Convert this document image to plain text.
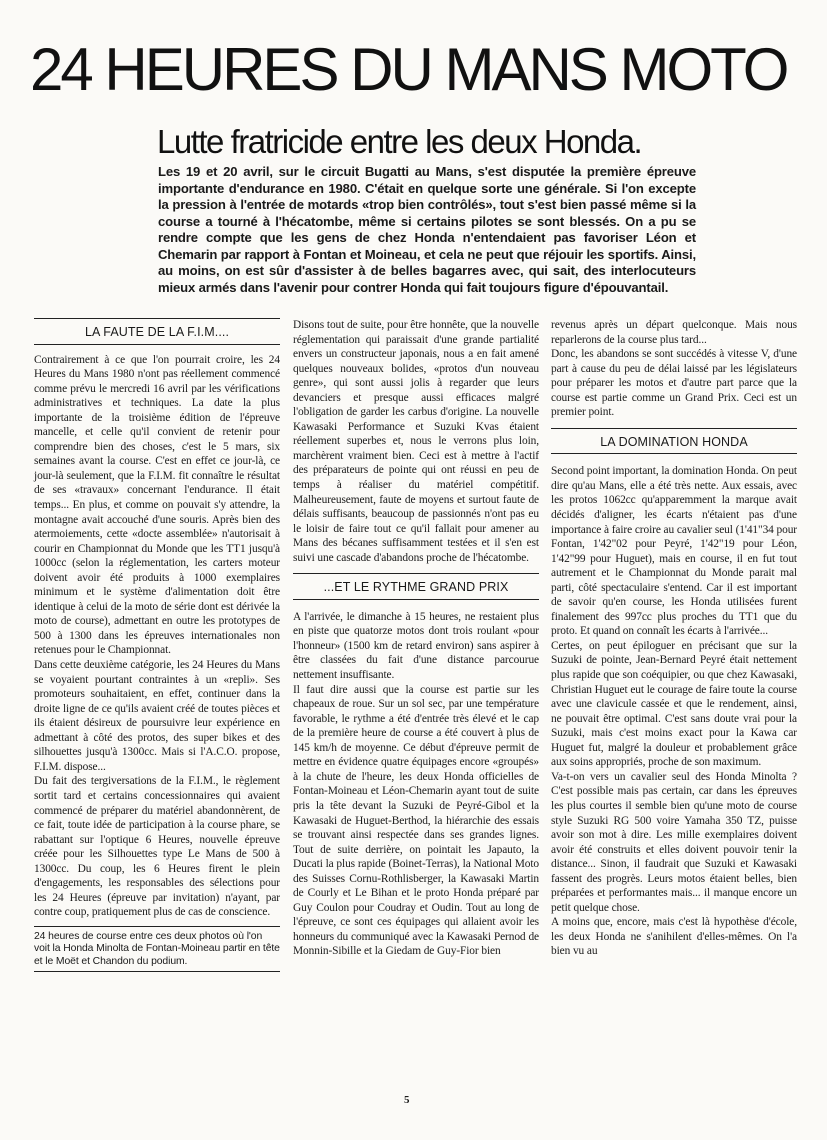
24 HEURES DU MANS MOTO
Lutte fratricide entre les deux Honda.

Les 19 et 20 avril, sur le circuit Bugatti au Mans, s'est disputée la première épreuve importante d'endurance en 1980. C'était en quelque sorte une générale. Si l'on excepte la pression à l'entrée de motards «trop bien contrôlés», tout s'est bien passé même si la course a tourné à l'hécatombe, même si certains pilotes se sont blessés. On a pu se rendre compte que les gens de chez Honda n'entendaient pas favoriser Léon et Chemarin par rapport à Fontan et Moineau, et cela ne peut que réjouir les sportifs. Ainsi, au moins, on est sûr d'assister à de belles bagarres avec, qui sait, des interlocuteurs mieux armés dans l'avenir pour contrer Honda qui fait toujours figure d'épouvantail.

LA FAUTE DE LA F.I.M....

Contrairement à ce que l'on pourrait croire, les 24 Heures du Mans 1980 n'ont pas réellement commencé comme prévu le mercredi 16 avril par les vérifications administratives et techniques. La date la plus importante de la troisième édition de l'épreuve mancelle, et celle qu'il convient de retenir pour comprendre bien des choses, c'est le 5 mars, six semaines avant la course. C'est en effet ce jour-là, ce jour-là seulement, que la F.I.M. fit connaître le résultat de ses «travaux» concernant l'endurance. Il était temps... En plus, et comme on pouvait s'y attendre, la montagne avait accouché d'une souris. Après bien des atermoiements, cette «docte assemblée» n'autorisait à courir en Championnat du Monde que les TT1 jusqu'à 1000cc (selon la réglementation, les carters moteur doivent avoir été produits à 1000 exemplaires minimum et le système d'alimentation doit être identique à celui de la moto de série dont est dérivée la moto de course), admettant en outre les prototypes de 500 à 1300 dans les épreuves internationales non retenues pour le Championnat.

Dans cette deuxième catégorie, les 24 Heures du Mans se voyaient pourtant contraintes à un «repli». Ses promoteurs souhaitaient, en effet, continuer dans la droite ligne de ce qu'ils avaient créé de toutes pièces et ils étaient désireux de poursuivre leur expérience en admettant à côté des protos, des super bikes et des silhouettes jusqu'à 1300cc. Mais si l'A.C.O. propose, F.I.M. dispose...

Du fait des tergiversations de la F.I.M., le règlement sortit tard et certains concessionnaires qui avaient commencé de préparer du matériel abandonnèrent, de ce fait, toute idée de participation à la course phare, se rabattant sur l'optique 6 Heures, nouvelle épreuve créée pour les Silhouettes type Le Mans de 500 à 1300cc. Du coup, les 6 Heures firent le plein d'engagements, les responsables des sélections pour les 24 Heures (épreuve par invitation) n'ayant, par contre coup, pratiquement plus de cas de conscience.

24 heures de course entre ces deux photos où l'on voit la Honda Minolta de Fontan-Moineau partir en tête et le Moët et Chandon du podium.

Disons tout de suite, pour être honnête, que la nouvelle réglementation qui paraissait d'une grande partialité envers un constructeur japonais, nous a en fait amené quelques nouveaux bolides, «protos d'un nouveau genre», qui sont aussi jolis à regarder que leurs devanciers et presque aussi efficaces malgré l'obligation de garder les carbus d'origine. La nouvelle Kawasaki Performance et Suzuki Kvas étaient réellement superbes et, nous le verrons plus loin, marchèrent vraiment bien. Ceci est à mettre à l'actif des préparateurs de pointe qui ont réussi en peu de temps à réaliser du matériel compétitif. Malheureusement, faute de moyens et surtout faute de délais suffisants, beaucoup de passionnés n'ont pas eu le loisir de faire tout ce qu'il fallait pour amener au Mans des bécanes suffisamment testées et il s'en est suivi une cascade d'abandons proche de l'hécatombe.

...ET LE RYTHME GRAND PRIX

A l'arrivée, le dimanche à 15 heures, ne restaient plus en piste que quatorze motos dont trois roulant «pour l'honneur» (1500 km de retard environ) sans aspirer à être classées du fait d'une distance parcourue nettement insuffisante.

Il faut dire aussi que la course est partie sur les chapeaux de roue. Sur un sol sec, par une température favorable, le rythme a été d'entrée très élevé et le cap de la première heure de course a été couvert à plus de 145 km/h de moyenne. Ce début d'épreuve permit de mettre en évidence quatre équipages encore «groupés» à la chute de l'heure, les deux Honda officielles de Fontan-Moineau et Léon-Chemarin ayant tout de suite pris la tête devant la Suzuki de Peyré-Gibol et la Kawasaki de Huguet-Berthod, la hiérarchie des essais se trouvant ainsi respectée dans ses grandes lignes. Tout de suite derrière, on pointait les Japauto, la Ducati la plus rapide (Boinet-Terras), la National Moto des Suisses Cornu-Rothlisberger, la Kawasaki Martin de Courly et Le Bihan et le proto Honda préparé par Guy Coulon pour Coudray et Oudin. Tout au long de l'épreuve, ce sont ces équipages qui allaient avoir les honneurs du communiqué avec la Kawasaki Pernod de Monnin-Sibille et la Giedam de Guy-Fior bien

revenus après un départ quelconque. Mais nous reparlerons de la course plus tard...

Donc, les abandons se sont succédés à vitesse V, d'une part à cause du peu de délai laissé par les législateurs pour préparer les motos et d'autre part parce que la course est partie comme un Grand Prix. Ceci est un premier point.

LA DOMINATION HONDA

Second point important, la domination Honda. On peut dire qu'au Mans, elle a été très nette. Aux essais, avec les protos 1062cc qu'apparemment la marque avait décidés d'aligner, les écarts n'étaient pas d'une importance à faire croire au cavalier seul (1'41"34 pour Fontan, 1'42"02 pour Peyré, 1'42"19 pour Léon, 1'42"99 pour Huguet), mais en course, il en fut tout autrement et le Championnat du Monde parait mal parti, côté spectaculaire s'entend. Car il est important de savoir qu'en course, les Honda utilisées furent finalement des 997cc plus proches du TT1 que du proto. Et quand on connaît les écarts à l'arrivée...

Certes, on peut épiloguer en précisant que sur la Suzuki de pointe, Jean-Bernard Peyré était nettement plus rapide que son coéquipier, ou que chez Kawasaki, Christian Huguet eut le courage de faire toute la course avec une clavicule cassée et que le rendement, ainsi, ne pouvait être optimal. C'est sans doute vrai pour la Suzuki, mais c'est moins exact pour la Kawa car Huguet fut, malgré la douleur et probablement grâce aux soins appropriés, proche de son maximum.

Va-t-on vers un cavalier seul des Honda Minolta ? C'est possible mais pas certain, car dans les épreuves les plus courtes il semble bien qu'une moto de course style Suzuki RG 500 voire Yamaha 350 TZ, puisse avoir son mot à dire. Les mille exemplaires doivent avoir été construits et elles doivent pouvoir tenir la distance... Sinon, il faudrait que Suzuki et Kawasaki fassent des progrès. Leurs motos étaient belles, bien préparées et performantes mais... il manque encore un petit quelque chose.

A moins que, encore, mais c'est là hypothèse d'école, les deux Honda ne s'anihilent d'elles-mêmes. On l'a bien vu au

5
